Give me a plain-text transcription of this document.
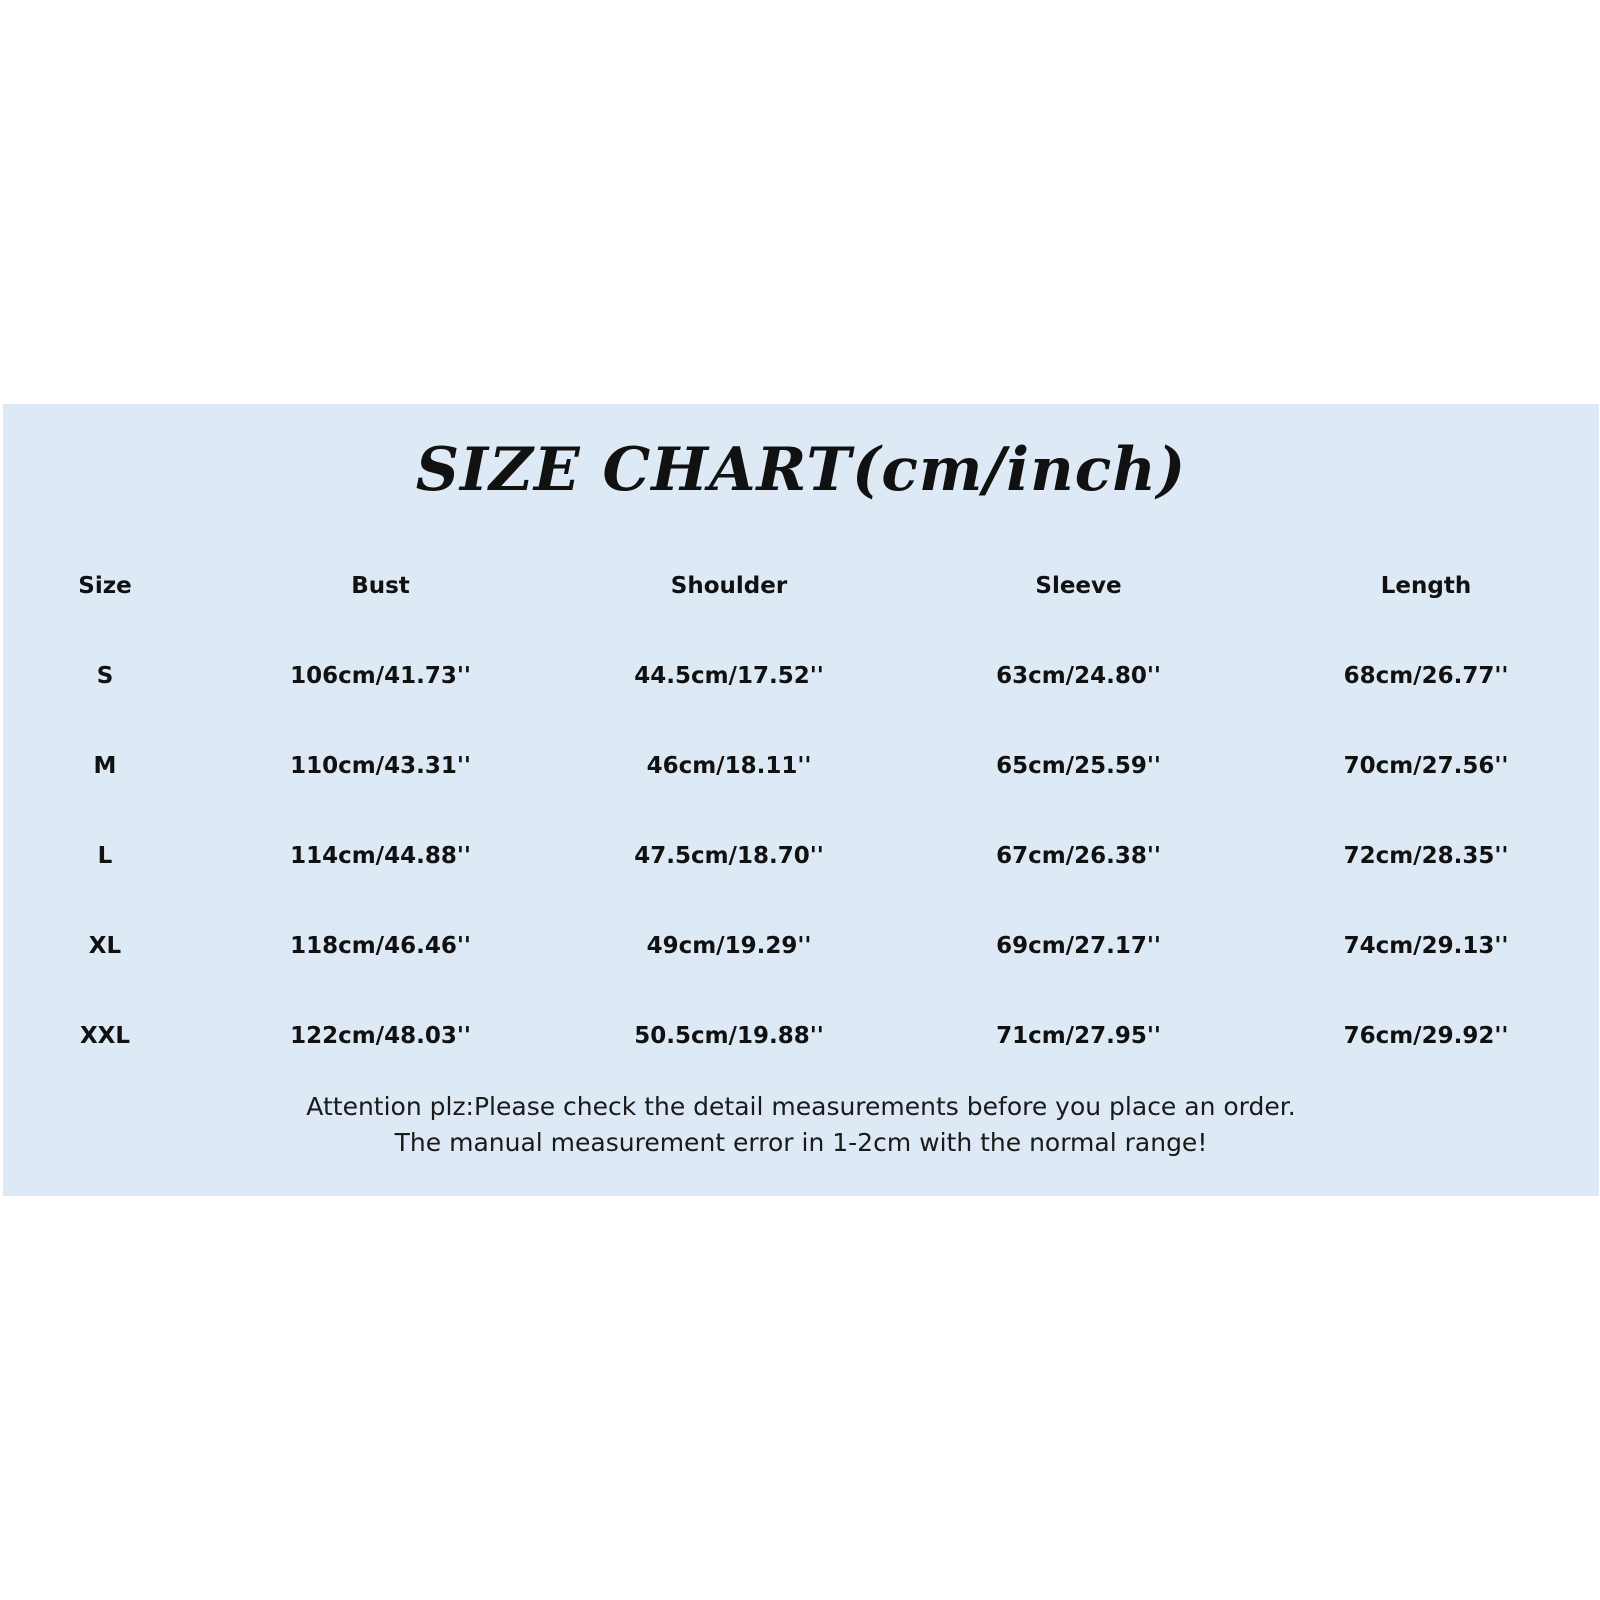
SIZE CHART(cm/inch)
Size	Bust	Shoulder	Sleeve	Length
S	106cm/41.73''	44.5cm/17.52''	63cm/24.80''	68cm/26.77''
M	110cm/43.31''	46cm/18.11''	65cm/25.59''	70cm/27.56''
L	114cm/44.88''	47.5cm/18.70''	67cm/26.38''	72cm/28.35''
XL	118cm/46.46''	49cm/19.29''	69cm/27.17''	74cm/29.13''
XXL	122cm/48.03''	50.5cm/19.88''	71cm/27.95''	76cm/29.92''

Attention plz:Please check the detail measurements before you place an order.

The manual measurement error in 1-2cm with the normal range!
